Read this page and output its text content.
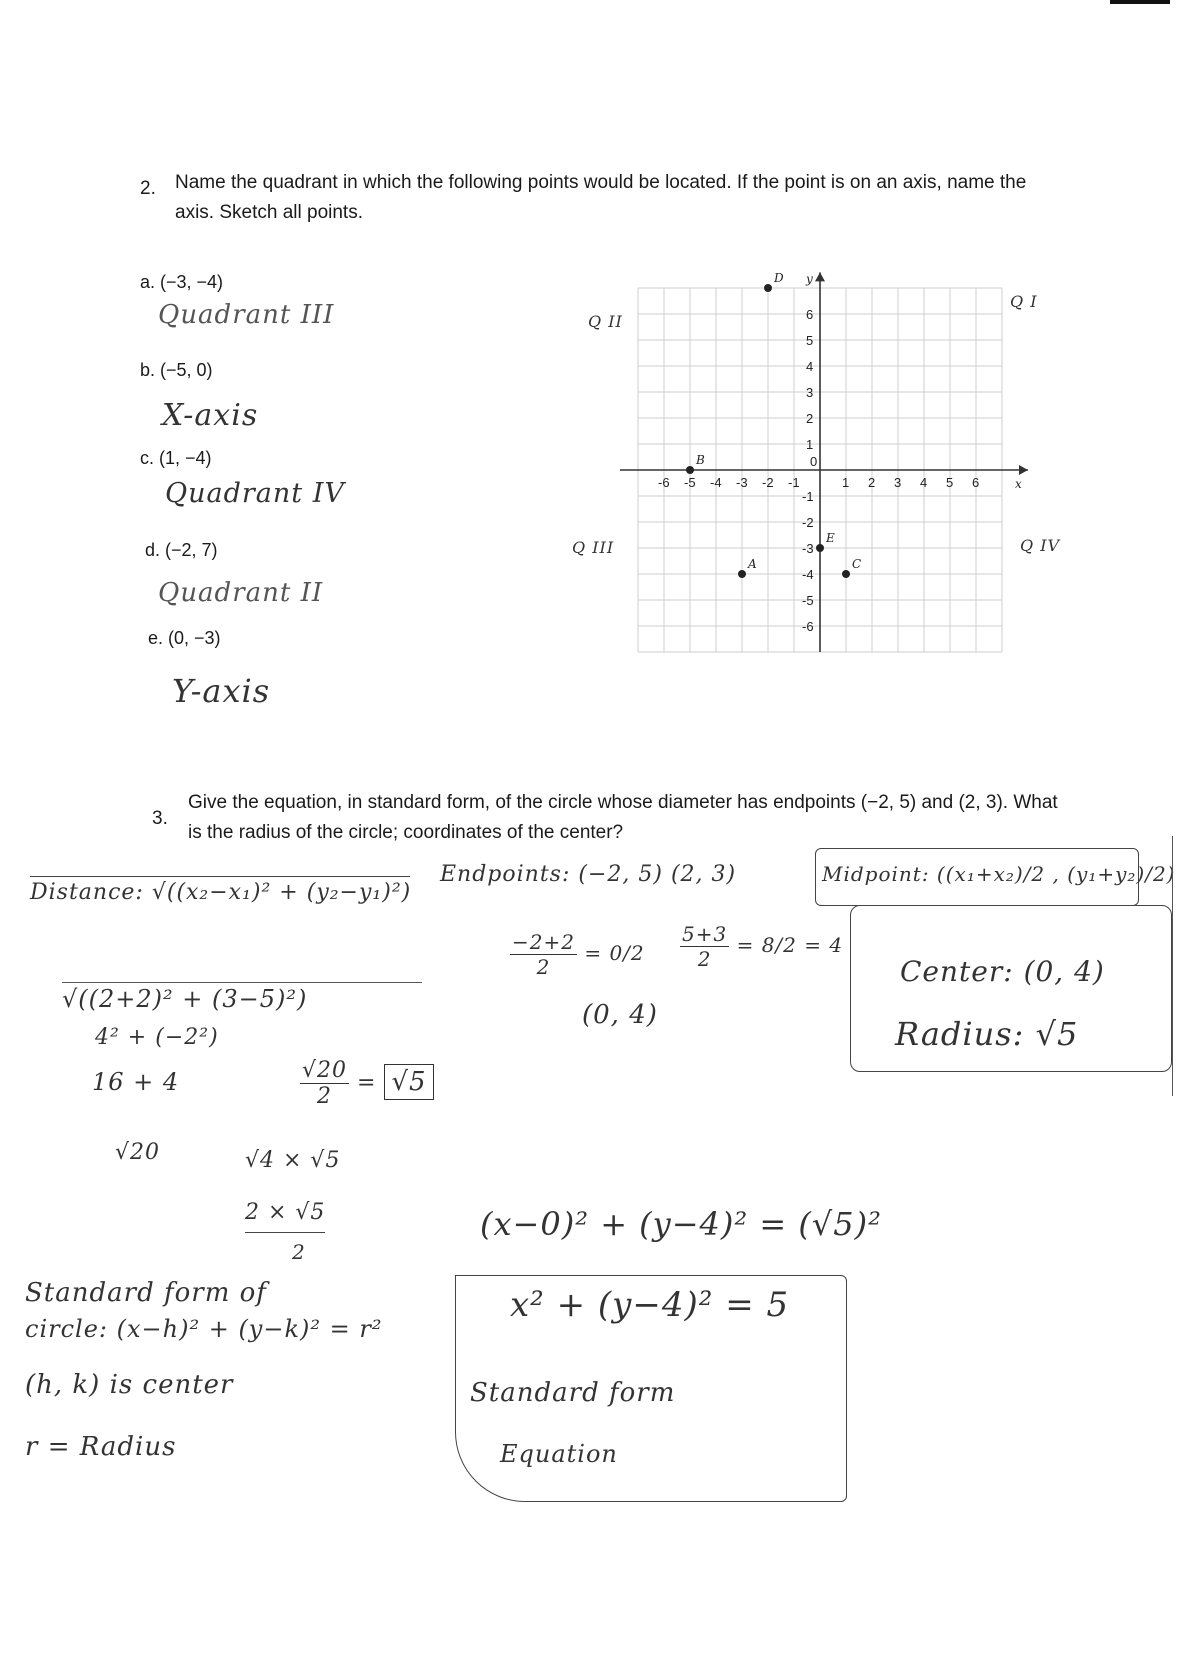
2. Name the quadrant in which the following points would be located. If the point is on an axis, name the axis. Sketch all points.
a. (−3, −4)
Quadrant III
b. (−5, 0)
X-axis
c. (1, −4)
Quadrant IV
d. (−2, 7)
Quadrant II
e. (0, −3)
Y-axis
Q II
Q I
Q III	Q IV
x
y
-6 -5 -4 -3 -2 -1	1 2 3 4 5 6
6
5
4
3
2
1
-1
-2
-3
-4
-5
-6
0
A
B
C
D
E
3.
Give the equation, in standard form, of the circle whose diameter has endpoints (−2, 5) and (2, 3). What is the radius of the circle; coordinates of the center?
Distance: √((x₂−x₁)² + (y₂−y₁)²)
Endpoints: (−2, 5) (2, 3)	Midpoint: ((x₁+x₂)/2 , (y₁+y₂)/2)
$\frac{-2+2}{2} = 0/2 \frac{5+3}{2} = 8/2 = 4$
(0, 4)
Center: (0, 4)
Radius: √5
√((2+2)² + (3−5)²)
4² + (−2²)
16 + 4
√20
$\frac{√20}{2} = √5$
√4 × √5
2 × √5
2
Standard form of
circle: (x−h)² + (y−k)² = r²
(h, k) is center
r = Radius
(x−0)² + (y−4)² = (√5)²
x² + (y−4)² = 5
Standard form
Equation
